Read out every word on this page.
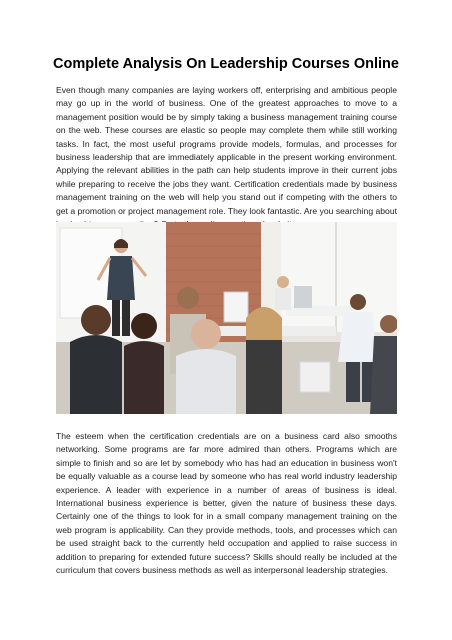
Complete Analysis On Leadership Courses Online

Even though many companies are laying workers off, enterprising and ambitious people may go up in the world of business. One of the greatest approaches to move to a management position would be by simply taking a business management training course on the web. These courses are elastic so people may complete them while still working tasks. In fact, the most useful programs provide models, formulas, and processes for business leadership that are immediately applicable in the present working environment. Applying the relevant abilities in the path can help students improve in their current jobs while preparing to receive the jobs they want. Certification credentials made by business management training on the web will help you stand out if competing with the others to get a promotion or project management role. They look fantastic. Are you searching about

The esteem when the certification credentials are on a business card also smooths networking. Some programs are far more admired than others. Programs which are simple to finish and so are let by somebody who has had an education in business won't be equally valuable as a course lead by someone who has real world industry leadership experience. A leader with experience in a number of areas of business is ideal. International business experience is better, given the nature of business these days. Certainly one of the things to look for in a small company management training on the web program is applicability. Can they provide methods, tools, and processes which can be used straight back to the currently held occupation and applied to raise success in addition to preparing for extended future success? Skills should really be included at the curriculum that covers business methods as well as interpersonal leadership strategies.
